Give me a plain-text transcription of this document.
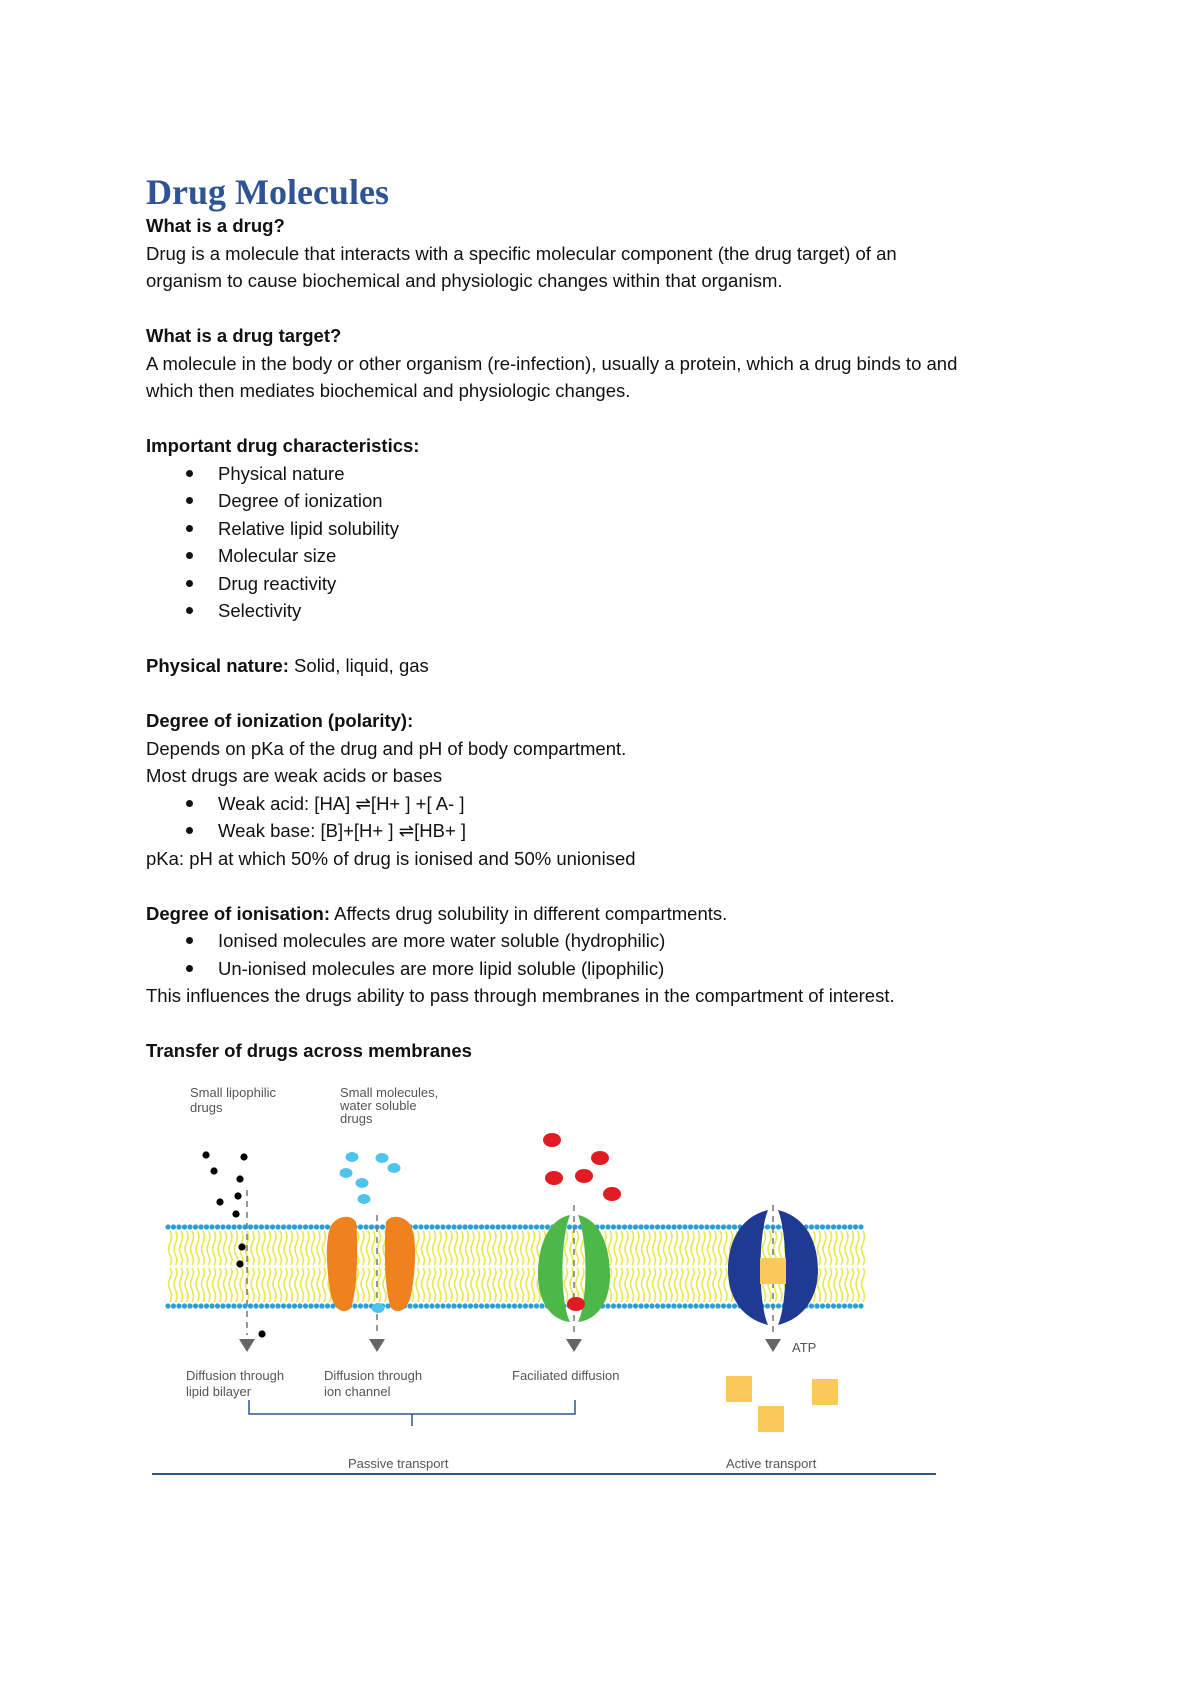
Drug Molecules

What is a drug?

Drug is a molecule that interacts with a specific molecular component (the drug target) of an

organism to cause biochemical and physiologic changes within that organism.

What is a drug target?

A molecule in the body or other organism (re-infection), usually a protein, which a drug binds to and

which then mediates biochemical and physiologic changes.

Important drug characteristics:

Physical nature
Degree of ionization
Relative lipid solubility
Molecular size
Drug reactivity
Selectivity

Physical nature: Solid, liquid, gas

Degree of ionization (polarity):

Depends on pKa of the drug and pH of body compartment.

Most drugs are weak acids or bases

Weak acid: [HA] ⇌[H+ ] +[ A- ]
Weak base: [B]+[H+ ] ⇌[HB+ ]

pKa: pH at which 50% of drug is ionised and 50% unionised

Degree of ionisation: Affects drug solubility in different compartments.

Ionised molecules are more water soluble (hydrophilic)
Un-ionised molecules are more lipid soluble (lipophilic)

This influences the drugs ability to pass through membranes in the compartment of interest.

Transfer of drugs across membranes

Small lipophilic
drugs
Small molecules,
water soluble
drugs
Diffusion through
lipid bilayer
Diffusion through
ion channel
Faciliated diffusion
ATP
Passive transport	Active transport
